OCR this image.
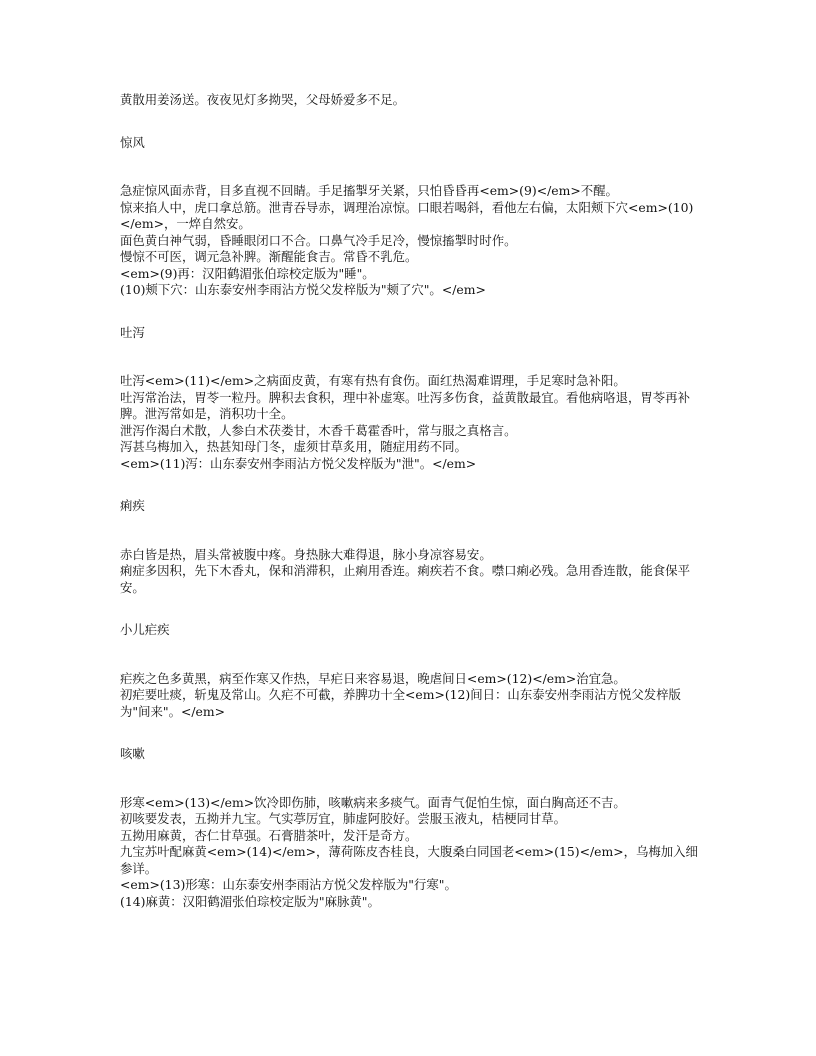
黄散用姜汤送。夜夜见灯多拗哭，父母娇爱多不足。

惊风

急症惊风面赤背，目多直视不回睛。手足搐掣牙关紧，只怕昏昏再<em>(9)</em>不醒。

惊来掐人中，虎口拿总筋。泄青吞导赤，调理治凉惊。口眼若喝斜，看他左右偏，太阳颊下穴<em>(10)</em>，一焠自然安。

面色黄白神气弱，昏睡眼闭口不合。口鼻气冷手足冷，慢惊搐掣时时作。

慢惊不可医，调元急补脾。渐醒能食吉。常昏不乳危。

<em>(9)再：汉阳鹤湄张伯琮校定版为"睡"。

(10)颊下穴：山东泰安州李雨沾方悦父发梓版为"颊了穴"。</em>

吐泻

吐泻<em>(11)</em>之病面皮黄，有寒有热有食伤。面红热渴难谓理，手足寒时急补阳。

吐泻常治法，胃苓一粒丹。脾积去食积，理中补虚寒。吐泻多伤食，益黄散最宜。看他病咯退，胃苓再补脾。泄泻常如是，消积功十全。

泄泻作渴白术散，人参白术茯娄甘，木香千葛霍香叶，常与服之真格言。

泻甚乌梅加入，热甚知母门冬，虚须甘草炙用，随症用药不同。

<em>(11)泻：山东泰安州李雨沾方悦父发梓版为"泄"。</em>

痢疾

赤白皆是热，眉头常被腹中疼。身热脉大难得退，脉小身凉容易安。

痢症多因积，先下木香丸，保和消滞积，止痢用香连。痢疾若不食。噤口痢必残。急用香连散，能食保平安。

小儿疟疾

疟疾之色多黄黑，病至作寒又作热，早疟日来容易退，晚虐间日<em>(12)</em>治宜急。

初疟要吐痰，斩鬼及常山。久疟不可截，养脾功十全<em>(12)间日：山东泰安州李雨沾方悦父发梓版为"间来"。</em>

咳嗽

形寒<em>(13)</em>饮冷即伤肺，咳嗽病来多痰气。面青气促怕生惊，面白胸高还不吉。

初咳要发表，五拗并九宝。气实葶厉宜，肺虚阿胶好。尝服玉液丸，桔梗同甘草。

五拗用麻黄，杏仁甘草强。石膏腊茶叶，发汗是奇方。

九宝苏叶配麻黄<em>(14)</em>，薄荷陈皮杏桂良，大腹桑白同国老<em>(15)</em>，乌梅加入细参详。

<em>(13)形寒：山东泰安州李雨沾方悦父发梓版为"行寒"。

(14)麻黄：汉阳鹤湄张伯琮校定版为"麻脉黄"。
